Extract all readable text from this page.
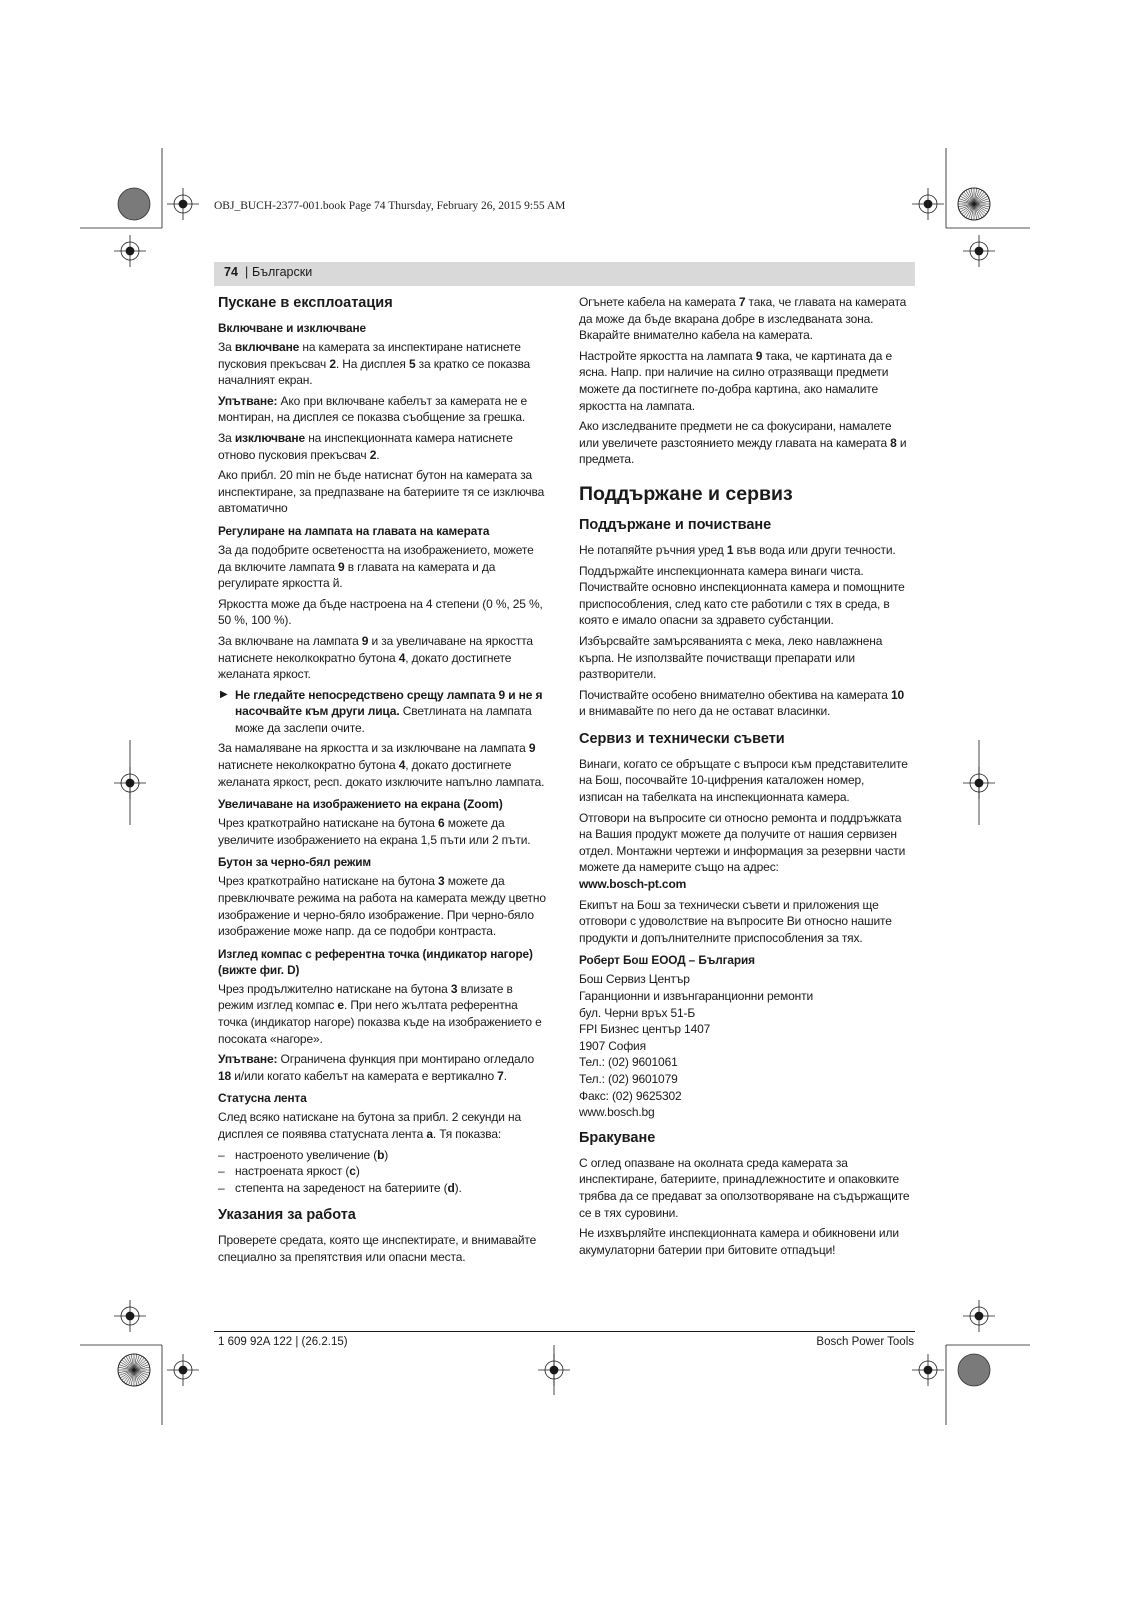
OBJ_BUCH-2377-001.book Page 74 Thursday, February 26, 2015 9:55 AM
74 | Български
Пускане в експлоатация
Включване и изключване

За включване на камерата за инспектиране натиснете пусковия прекъсвач 2. На дисплея 5 за кратко се показва началният екран.

Упътване: Ако при включване кабелът за камерата не е монтиран, на дисплея се показва съобщение за грешка.

За изключване на инспекционната камера натиснете отново пусковия прекъсвач 2.

Ако прибл. 20 min не бъде натиснат бутон на камерата за инспектиране, за предпазване на батериите тя се изключва автоматично

Регулиране на лампата на главата на камерата

За да подобрите осветеността на изображението, можете да включите лампата 9 в главата на камерата и да регулирате яркостта й.

Яркостта може да бъде настроена на 4 степени (0 %, 25 %, 50 %, 100 %).

За включване на лампата 9 и за увеличаване на яркостта натиснете неколкократно бутона 4, докато достигнете желаната яркост.

▶ Не гледайте непосредствено срещу лампата 9 и не я насочвайте към други лица. Светлината на лампата може да заслепи очите.

За намаляване на яркостта и за изключване на лампата 9 натиснете неколкократно бутона 4, докато достигнете желаната яркост, респ. докато изключите напълно лампата.

Увеличаване на изображението на екрана (Zoom)

Чрез краткотрайно натискане на бутона 6 можете да увеличите изображението на екрана 1,5 пъти или 2 пъти.

Бутон за черно-бял режим

Чрез краткотрайно натискане на бутона 3 можете да превключвате режима на работа на камерата между цветно изображение и черно-бяло изображение. При черно-бяло изображение може напр. да се подобри контраста.

Изглед компас с референтна точка (индикатор нагоре) (вижте фиг. D)

Чрез продължително натискане на бутона 3 влизате в режим изглед компас e. При него жълтата референтна точка (индикатор нагоре) показва къде на изображението е посоката «нагоре».

Упътване: Ограничена функция при монтирано огледало 18 и/или когато кабелът на камерата е вертикално 7.

Статусна лента

След всяко натискане на бутона за прибл. 2 секунди на дисплея се появява статусната лента a. Тя показва:

– настроеното увеличение (b)
– настроената яркост (c)
– степента на зареденост на батериите (d).
Указания за работа

Проверете средата, която ще инспектирате, и внимавайте специално за препятствия или опасни места.

Огънете кабела на камерата 7 така, че главата на камерата да може да бъде вкарана добре в изследваната зона. Вкарайте внимателно кабела на камерата.

Настройте яркостта на лампата 9 така, че картината да е ясна. Напр. при наличие на силно отразяващи предмети можете да постигнете по-добра картина, ако намалите яркостта на лампата.

Ако изследваните предмети не са фокусирани, намалете или увеличете разстоянието между главата на камерата 8 и предмета.

Поддържане и сервиз
Поддържане и почистване

Не потапяйте ръчния уред 1 във вода или други течности.

Поддържайте инспекционната камера винаги чиста. Почиствайте основно инспекционната камера и помощните приспособления, след като сте работили с тях в среда, в която е имало опасни за здравето субстанции.

Избърсвайте замърсяванията с мека, леко навлажнена кърпа. Не използвайте почистващи препарати или разтворители.

Почиствайте особено внимателно обектива на камерата 10 и внимавайте по него да не остават власинки.

Сервиз и технически съвети

Винаги, когато се обръщате с въпроси към представителите на Бош, посочвайте 10-цифрения каталожен номер, изписан на табелката на инспекционната камера.

Отговори на въпросите си относно ремонта и поддръжката на Вашия продукт можете да получите от нашия сервизен отдел. Монтажни чертежи и информация за резервни части можете да намерите също на адрес:
www.bosch-pt.com

Екипът на Бош за технически съвети и приложения ще отговори с удоволствие на въпросите Ви относно нашите продукти и допълнителните приспособления за тях.

Роберт Бош ЕООД – България
Бош Сервиз Център
Гаранционни и извънгаранционни ремонти
бул. Черни връх 51-Б
FPI Бизнес център 1407
1907 София
Тел.: (02) 9601061
Тел.: (02) 9601079
Факс: (02) 9625302
www.bosch.bg
Бракуване

С оглед опазване на околната среда камерата за инспектиране, батериите, принадлежностите и опаковките трябва да се предават за оползотворяване на съдържащите се в тях суровини.

Не изхвърляйте инспекционната камера и обикновени или акумулаторни батерии при битовите отпадъци!

1 609 92A 122 | (26.2.15)	Bosch Power Tools
